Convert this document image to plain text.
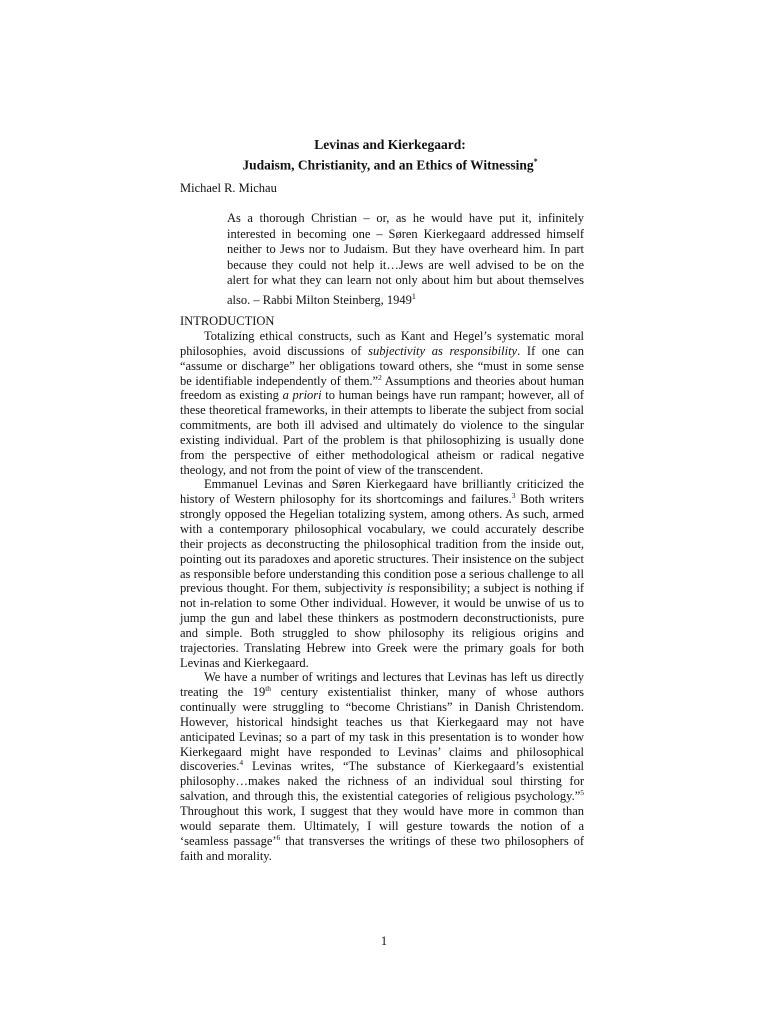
Levinas and Kierkegaard:
Judaism, Christianity, and an Ethics of Witnessing*
Michael R. Michau
As a thorough Christian – or, as he would have put it, infinitely interested in becoming one – Søren Kierkegaard addressed himself neither to Jews nor to Judaism. But they have overheard him. In part because they could not help it…Jews are well advised to be on the alert for what they can learn not only about him but about themselves also. – Rabbi Milton Steinberg, 1949$^1$
INTRODUCTION

Totalizing ethical constructs, such as Kant and Hegel’s systematic moral philosophies, avoid discussions of subjectivity as responsibility. If one can “assume or discharge” her obligations toward others, she “must in some sense be identifiable independently of them.”$^2$ Assumptions and theories about human freedom as existing a priori to human beings have run rampant; however, all of these theoretical frameworks, in their attempts to liberate the subject from social commitments, are both ill advised and ultimately do violence to the singular existing individual. Part of the problem is that philosophizing is usually done from the perspective of either methodological atheism or radical negative theology, and not from the point of view of the transcendent.

Emmanuel Levinas and Søren Kierkegaard have brilliantly criticized the history of Western philosophy for its shortcomings and failures.$^3$ Both writers strongly opposed the Hegelian totalizing system, among others. As such, armed with a contemporary philosophical vocabulary, we could accurately describe their projects as deconstructing the philosophical tradition from the inside out, pointing out its paradoxes and aporetic structures. Their insistence on the subject as responsible before understanding this condition pose a serious challenge to all previous thought. For them, subjectivity is responsibility; a subject is nothing if not in-relation to some Other individual. However, it would be unwise of us to jump the gun and label these thinkers as postmodern deconstructionists, pure and simple. Both struggled to show philosophy its religious origins and trajectories. Translating Hebrew into Greek were the primary goals for both Levinas and Kierkegaard.

We have a number of writings and lectures that Levinas has left us directly treating the 19th century existentialist thinker, many of whose authors continually were struggling to “become Christians” in Danish Christendom. However, historical hindsight teaches us that Kierkegaard may not have anticipated Levinas; so a part of my task in this presentation is to wonder how Kierkegaard might have responded to Levinas’ claims and philosophical discoveries.$^4$ Levinas writes, “The substance of Kierkegaard’s existential philosophy…makes naked the richness of an individual soul thirsting for salvation, and through this, the existential categories of religious psychology.”$^5$ Throughout this work, I suggest that they would have more in common than would separate them. Ultimately, I will gesture towards the notion of a ‘seamless passage’$^6$ that transverses the writings of these two philosophers of faith and morality.

1
